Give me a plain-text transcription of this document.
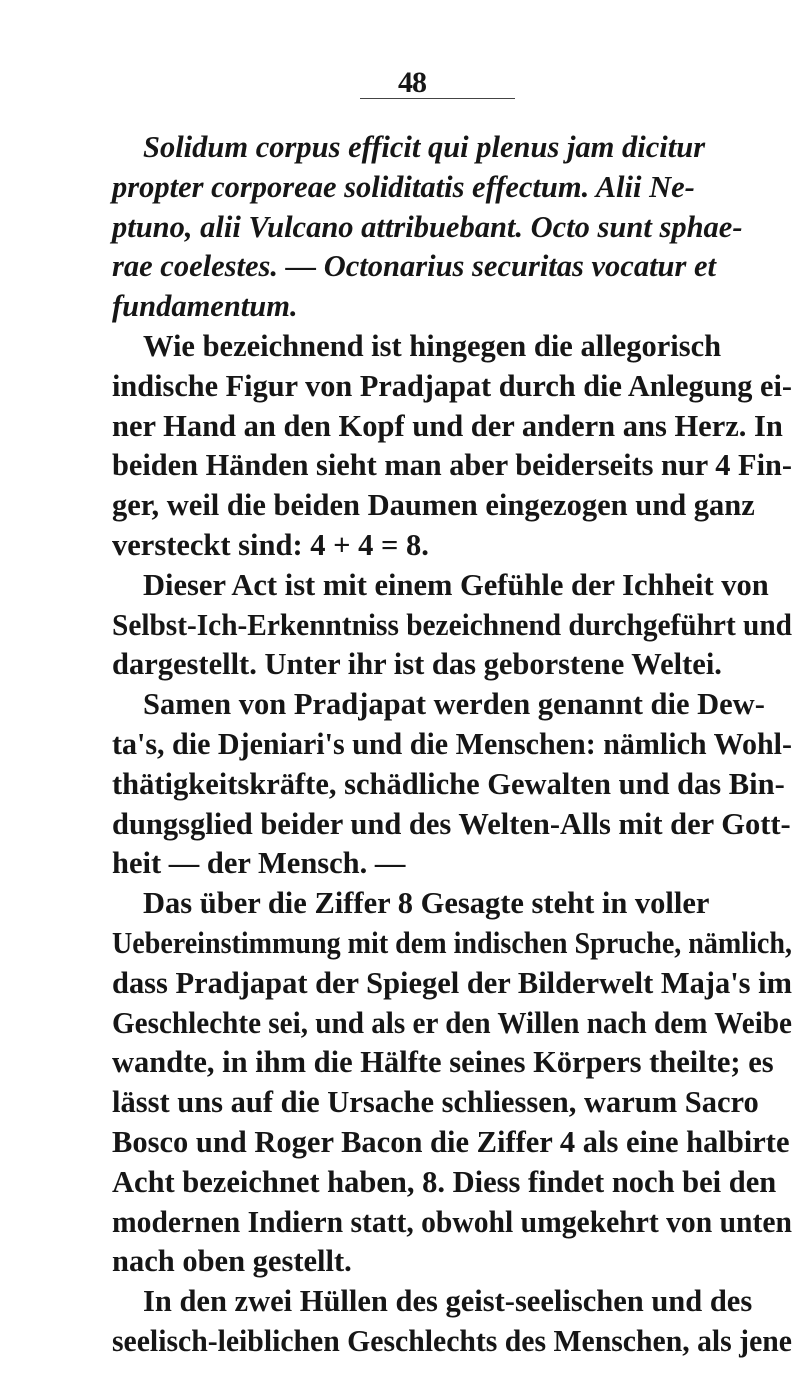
48
Solidum corpus efficit qui plenus jam dicitur
propter corporeae soliditatis effectum. Alii Ne-
ptuno, alii Vulcano attribuebant. Octo sunt sphae-
rae coelestes. — Octonarius securitas vocatur et
fundamentum.
Wie bezeichnend ist hingegen die allegorisch
indische Figur von Pradjapat durch die Anlegung ei-
ner Hand an den Kopf und der andern ans Herz. In
beiden Händen sieht man aber beiderseits nur 4 Fin-
ger, weil die beiden Daumen eingezogen und ganz
versteckt sind: 4 + 4 = 8.
Dieser Act ist mit einem Gefühle der Ichheit von
Selbst-Ich-Erkenntniss bezeichnend durchgeführt und
dargestellt. Unter ihr ist das geborstene Weltei.
Samen von Pradjapat werden genannt die Dew-
ta's, die Djeniari's und die Menschen: nämlich Wohl-
thätigkeitskräfte, schädliche Gewalten und das Bin-
dungsglied beider und des Welten-Alls mit der Gott-
heit — der Mensch. —
Das über die Ziffer 8 Gesagte steht in voller
Uebereinstimmung mit dem indischen Spruche, nämlich,
dass Pradjapat der Spiegel der Bilderwelt Maja's im
Geschlechte sei, und als er den Willen nach dem Weibe
wandte, in ihm die Hälfte seines Körpers theilte; es
lässt uns auf die Ursache schliessen, warum Sacro
Bosco und Roger Bacon die Ziffer 4 als eine halbirte
Acht bezeichnet haben, 8. Diess findet noch bei den
modernen Indiern statt, obwohl umgekehrt von unten
nach oben gestellt.
In den zwei Hüllen des geist-seelischen und des
seelisch-leiblichen Geschlechts des Menschen, als jene
